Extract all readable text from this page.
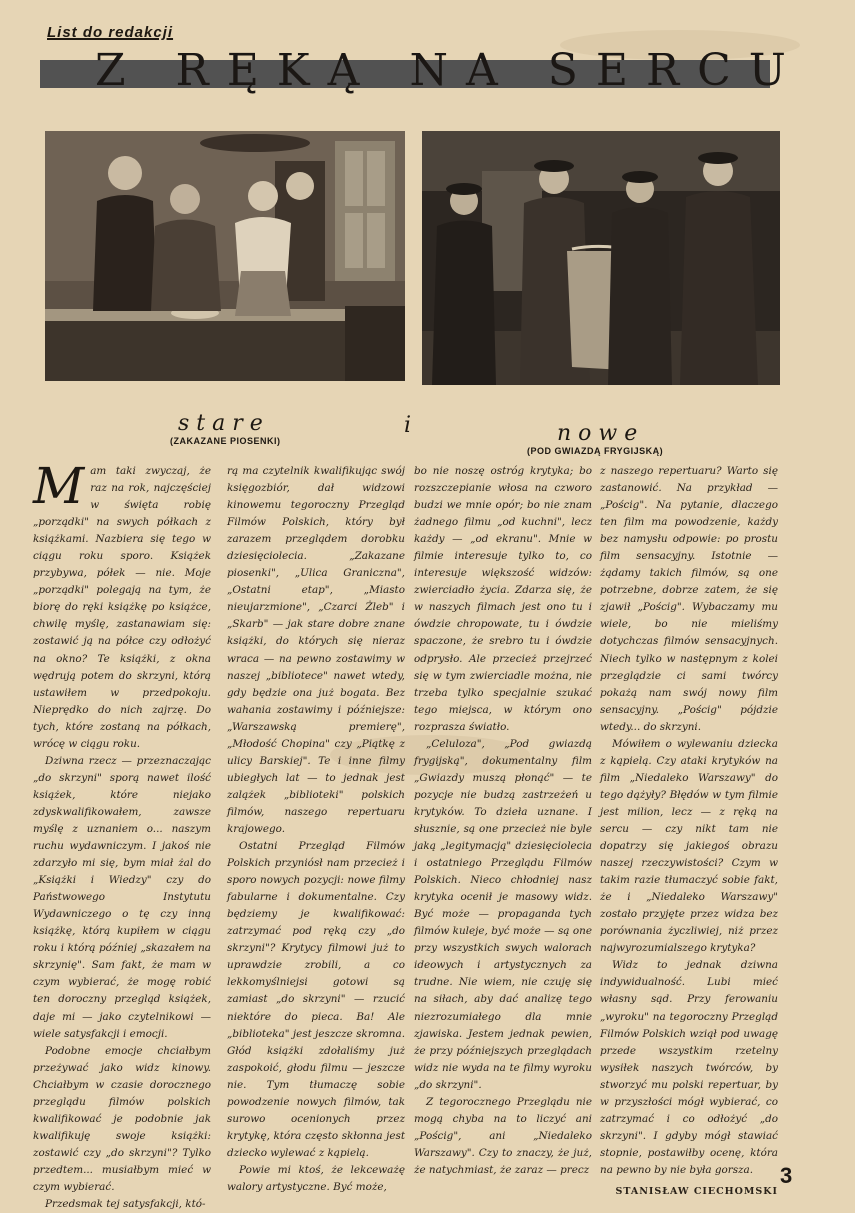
List do redakcji
Z RĘKĄ NA SERCU
stare
(ZAKAZANE PIOSENKI)
i	nowe
(POD GWIAZDĄ FRYGIJSKĄ)

Mam taki zwyczaj, że raz na rok, najczęściej w święta robię „porządki" na swych półkach z książkami. Nazbiera się tego w ciągu roku sporo. Książek przybywa, półek — nie. Moje „porządki" polegają na tym, że biorę do ręki książkę po książce, chwilę myślę, zastanawiam się: zostawić ją na półce czy odłożyć na okno? Te książki, z okna wędrują potem do skrzyni, którą ustawiłem w przedpokoju. Nieprędko do nich zajrzę. Do tych, które zostaną na półkach, wrócę w ciągu roku.

Dziwna rzecz — przeznaczając „do skrzyni" sporą nawet ilość książek, które niejako zdyskwalifikowałem, zawsze myślę z uznaniem o... naszym ruchu wydawniczym. I jakoś nie zdarzyło mi się, bym miał żal do „Książki i Wiedzy" czy do Państwowego Instytutu Wydawniczego o tę czy inną książkę, którą kupiłem w ciągu roku i którą później „skazałem na skrzynię". Sam fakt, że mam w czym wybierać, że mogę robić ten doroczny przegląd książek, daje mi — jako czytelnikowi — wiele satysfakcji i emocji.

Podobne emocje chciałbym przeżywać jako widz kinowy. Chciałbym w czasie dorocznego przeglądu filmów polskich kwalifikować je podobnie jak kwalifikuję swoje książki: zostawić czy „do skrzyni"? Tylko przedtem... musiałbym mieć w czym wybierać.

Przedsmak tej satysfakcji, któ-

rą ma czytelnik kwalifikując swój księgozbiór, dał widzowi kinowemu tegoroczny Przegląd Filmów Polskich, który był zarazem przeglądem dorobku dziesięciolecia. „Zakazane piosenki", „Ulica Graniczna", „Ostatni etap", „Miasto nieujarzmione", „Czarci Żleb" i „Skarb" — jak stare dobre znane książki, do których się nieraz wraca — na pewno zostawimy w naszej „bibliotece" nawet wtedy, gdy będzie ona już bogata. Bez wahania zostawimy i późniejsze: „Warszawską premierę", „Młodość Chopina" czy „Piątkę z ulicy Barskiej". Te i inne filmy ubiegłych lat — to jednak jest zalążek „biblioteki" polskich filmów, naszego repertuaru krajowego.

Ostatni Przegląd Filmów Polskich przyniósł nam przecież i sporo nowych pozycji: nowe filmy fabularne i dokumentalne. Czy będziemy je kwalifikować: zatrzymać pod ręką czy „do skrzyni"? Krytycy filmowi już to uprawdzie zrobili, a co lekkomyślniejsi gotowi są zamiast „do skrzyni" — rzucić niektóre do pieca. Ba! Ale „biblioteka" jest jeszcze skromna. Głód książki zdołaliśmy już zaspokoić, głodu filmu — jeszcze nie. Tym tłumaczę sobie powodzenie nowych filmów, tak surowo ocenionych przez krytykę, która często skłonna jest dziecko wylewać z kąpielą.

Powie mi ktoś, że lekceważę walory artystyczne. Być może,

bo nie noszę ostróg krytyka; bo rozszczepianie włosa na czworo budzi we mnie opór; bo nie znam żadnego filmu „od kuchni", lecz każdy — „od ekranu". Mnie w filmie interesuje tylko to, co interesuje większość widzów: zwierciadło życia. Zdarza się, że w naszych filmach jest ono tu i ówdzie chropowate, tu i ówdzie spaczone, że srebro tu i ówdzie odprysło. Ale przecież przejrzeć się w tym zwierciadle można, nie trzeba tylko specjalnie szukać tego miejsca, w którym ono rozprasza światło.

„Celuloza", „Pod gwiazdą frygijską", dokumentalny film „Gwiazdy muszą płonąć" — te pozycje nie budzą zastrzeżeń u krytyków. To dzieła uznane. I słusznie, są one przecież nie byle jaką „legitymacją" dziesięciolecia i ostatniego Przeglądu Filmów Polskich. Nieco chłodniej nasz krytyka ocenił je masowy widz. Być może — propaganda tych filmów kuleje, być może — są one przy wszystkich swych walorach ideowych i artystycznych za trudne. Nie wiem, nie czuję się na siłach, aby dać analizę tego niezrozumiałego dla mnie zjawiska. Jestem jednak pewien, że przy późniejszych przeglądach widz nie wyda na te filmy wyroku „do skrzyni".

Z tegorocznego Przeglądu nie mogą chyba na to liczyć ani „Pościg", ani „Niedaleko Warszawy". Czy to znaczy, że już, że natychmiast, że zaraz — precz

z naszego repertuaru? Warto się zastanowić. Na przykład — „Pościg". Na pytanie, dlaczego ten film ma powodzenie, każdy bez namysłu odpowie: po prostu film sensacyjny. Istotnie — żądamy takich filmów, są one potrzebne, dobrze zatem, że się zjawił „Pościg". Wybaczamy mu wiele, bo nie mieliśmy dotychczas filmów sensacyjnych. Niech tylko w następnym z kolei przeglądzie ci sami twórcy pokażą nam swój nowy film sensacyjny. „Pościg" pójdzie wtedy... do skrzyni.

Mówiłem o wylewaniu dziecka z kąpielą. Czy ataki krytyków na film „Niedaleko Warszawy" do tego dążyły? Błędów w tym filmie jest milion, lecz — z ręką na sercu — czy nikt tam nie dopatrzy się jakiegoś obrazu naszej rzeczywistości? Czym w takim razie tłumaczyć sobie fakt, że i „Niedaleko Warszawy" zostało przyjęte przez widza bez porównania życzliwiej, niż przez najwyrozumialszego krytyka?

Widz to jednak dziwna indywidualność. Lubi mieć własny sąd. Przy ferowaniu „wyroku" na tegoroczny Przegląd Filmów Polskich wziął pod uwagę przede wszystkim rzetelny wysiłek naszych twórców, by stworzyć mu polski repertuar, by w przyszłości mógł wybierać, co zatrzymać i co odłożyć „do skrzyni". I gdyby mógł stawiać stopnie, postawiłby ocenę, która na pewno by nie była gorsza.

STANISŁAW CIECHOMSKI
3
